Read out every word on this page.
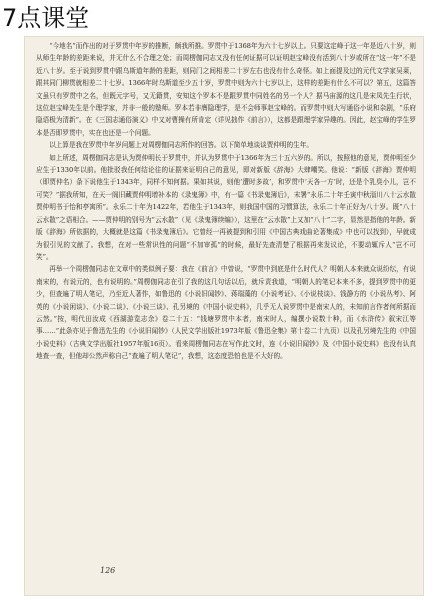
7点课堂

“今地名”而作出的对于罗贯中年岁的推断，颇我所推。罗贯中于1368年为六十七岁以上。只要这定峰于这一年是近八十岁，则从师生年龄的差距来说，并无什么不合理之处；而周楞伽同志又没有任何证据可以证明赵宝峰没有活到八十岁或所在“这一年”不是近八十岁。至于说到罗贯中跟乌斯道年龄的差距，则同门之间相差二十岁左右也没有什么奇怪。如上面提及过的元代文学家吴莱，跟其同门柳贯就相差二十七岁。1366年时乌斯道至少五十岁，罗贯中则为六十七岁以上，这样的差距有什么不可以？第五，这篇答文虽只有罗贯中之名，但既元字号，又无籍贯，安知这个罗本不是跟罗贯中同姓名的另一个人？据马宙源的这几是宋凤先生行状，这位赵宝峰先生是个理学家，并非一般的塾师。罗本若非膺隐理学，是不会师事赵宝峰的。而罗贯中则大写通俗小说和杂剧，“乐府隐语极为清新”。在《三国志通俗演义》中又对曹操有所肯定（详见拙作《前言》），这都是跟理学家异趣的。因此，赵宝峰的学生罗本是否即罗贯中，实在也还是一个问题。

以上算是我在罗贯中年岁问题上对周楞伽同志所作的回答。以下简单地谈谈贾仲明的生年。

如上所述，周楞伽同志是认为贾仲明长于罗贯中，并认为罗贯中于1366年为三十五六岁的。所以，按照他的意见，贾仲明至少应生于1330年以前。他批驳我任何结论往的证据来证明自己的意见，即对新版《辞海》大肆嘲笑。他说：“新版《辞海》贾仲明（即贾仲名）条下说他生于1343年，同样不知何据。果如其说，则他‘遭时多故’，和罗贯中‘天各一方’时，还是个乳臭小儿，岂不可笑？”据我所知，在天一阁旧藏贾仲明增补本的《录鬼簿》中，有一篇《书录鬼簿后》，末署“永乐二十年壬寅中秋淄川八十云水散贾仲明书于怡和亭寓所”。永乐二十年为1422年，若他生于1343年，则我国中国的习惯算法，永乐二十年正好为八十岁。既“八十云水散”之语相合。——贾仲明的别号为“云水散”（见《录鬼簿续编》），这里在“云水散”上又加“八十”二字，显然是指他的年龄。新版《辞海》所依据的，大概就是这篇《书录鬼簿后》。它曾经一再被提到和引用《中国古典戏曲论著集成》中也可以找到），早就成为很引见的文献了。我想，在对一些常识性的问题“不加审孤”的时候，最好先查清楚了根据再来发议论，不要动辄斥人“岂不可笑”。

再举一个周楞伽同志在文章中的类似例子要：我在《前言》中曾说，“罗贯中到底是什么时代人？明朝人本来就众说纷纭，有说南宋的，有说元的，也有说明的。”周楞伽同志在引了我的这几句话以后，就斥责我道，“明朝人的笔记本来不多，提到罗贯中的更少，但查遍了明人笔记，乃至近人著作，如鲁迅的《小说旧闻钞》、蒋瑞藻的《小说考证》、《小说枝谈》、钱静方的《小说丛考》、阿英的《小说闲谈》、《小说二谈》、《小说三谈》、孔另境的《中国小说史料》，几乎无人说罗贯中是南宋人的，未知前言作者何所据而云然。”按，明代田汝成《西湖游览志余》卷二十五：“钱塘罗贯中本者，南宋时人，编撰小说数十种，而《水浒传》叙宋江等事……”此条亦见于鲁迅先生的《小说旧闻钞》（人民文学出版社1973年版《鲁迅全集》第十卷二十九页）以及孔另境先生的《中国小说史料》（古典文学出版社1957年版16页）。看来周楞伽同志在写作此文时，连《小说旧闻钞》及《中国小说史料》也没有认真地查一查，但他却公然声称自己“查遍了明人笔记”，我想，这态度恐怕也是不大好的。

126
